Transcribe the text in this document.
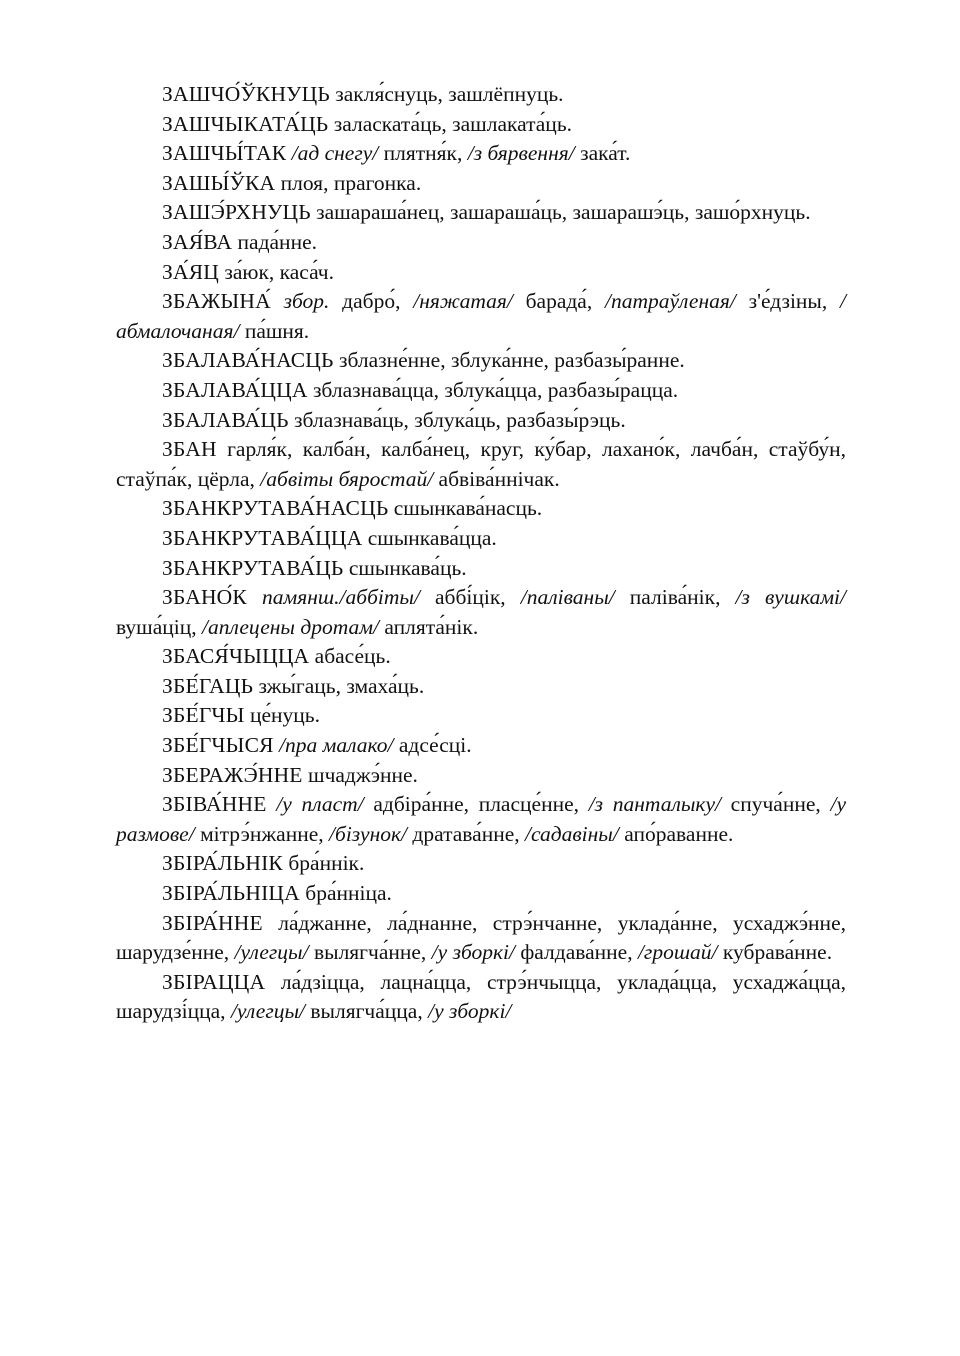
ЗАШЧО́ЎКНУЦЬ закля́снуць, зашлёпнуць.

ЗАШЧЫКАТА́ЦЬ заласката́ць, зашлаката́ць.

ЗАШЧЫ́ТАК /ад снегу/ плятня́к, /з бярвення/ зака́т.

ЗАШЫ́ЎКА плоя, прагонка.

ЗАШЭ́РХНУЦЬ зашараша́нец, зашараша́ць, зашарашэ́ць, зашо́рхнуць.

ЗАЯ́ВА пада́нне.

ЗА́ЯЦ за́юк, каса́ч.

ЗБАЖЫНА́ збор. дабро́, /няжатая/ барада́, /патраўленая/ з'е́дзіны, /абмалочаная/ па́шня.

ЗБАЛАВА́НАСЦЬ зблазне́нне, зблука́нне, разбазы́ранне.

ЗБАЛАВА́ЦЦА зблазнава́цца, зблука́цца, разбазы́рацца.

ЗБАЛАВА́ЦЬ зблазнава́ць, зблука́ць, разбазы́рэць.

ЗБАН гарля́к, калба́н, калба́нец, круг, ку́бар, лахано́к, лачба́н, стаўбу́н, стаўпа́к, цёрла, /абвіты бяростай/ абвіва́ннічак.

ЗБАНКРУТАВА́НАСЦЬ сшынкава́насць.

ЗБАНКРУТАВА́ЦЦА сшынкава́цца.

ЗБАНКРУТАВА́ЦЬ сшынкава́ць.

ЗБАНО́К памянш./аббіты/ аббі́цік, /паліваны/ паліва́нік, /з вушкамі/ вуша́ціц, /аплецены дротам/ аплята́нік.

ЗБАСЯ́ЧЫЦЦА абасе́ць.

ЗБЕ́ГАЦЬ зжы́гаць, змаха́ць.

ЗБЕ́ГЧЫ це́нуць.

ЗБЕ́ГЧЫСЯ /пра малако/ адсе́сці.

ЗБЕРАЖЭ́ННЕ шчаджэ́нне.

ЗБІВА́ННЕ /у пласт/ адбіра́нне, пласце́нне, /з панталыку/ спуча́нне, /у размове/ мітрэ́нжанне, /бізунок/ дратава́нне, /садавіны/ апо́раванне.

ЗБІРА́ЛЬНІК бра́ннік.

ЗБІРА́ЛЬНІЦА бра́нніца.

ЗБІРА́ННЕ ла́джанне, ла́днанне, стрэ́нчанне, уклада́нне, усхаджэ́нне, шарудзе́нне, /улегцы/ вылягча́нне, /у зборкі/ фалдава́нне, /грошай/ кубрава́нне.

ЗБІРАЦЦА ла́дзіцца, лацна́цца, стрэ́нчыцца, уклада́цца, усхаджа́цца, шарудзі́цца, /улегцы/ вылягча́цца, /у зборкі/
